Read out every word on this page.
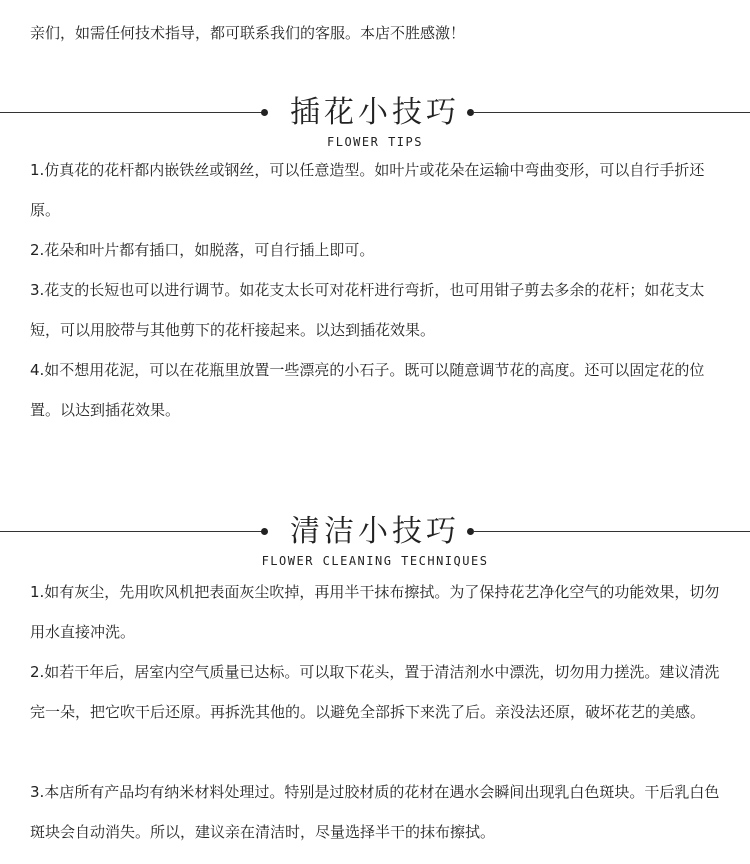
亲们，如需任何技术指导，都可联系我们的客服。本店不胜感激！

插花小技巧
FLOWER TIPS

1.仿真花的花杆都内嵌铁丝或钢丝，可以任意造型。如叶片或花朵在运输中弯曲变形，可以自行手折还原。

2.花朵和叶片都有插口，如脱落，可自行插上即可。

3.花支的长短也可以进行调节。如花支太长可对花杆进行弯折，也可用钳子剪去多余的花杆；如花支太短，可以用胶带与其他剪下的花杆接起来。以达到插花效果。

4.如不想用花泥，可以在花瓶里放置一些漂亮的小石子。既可以随意调节花的高度。还可以固定花的位置。以达到插花效果。

清洁小技巧
FLOWER CLEANING TECHNIQUES

1.如有灰尘，先用吹风机把表面灰尘吹掉，再用半干抹布擦拭。为了保持花艺净化空气的功能效果，切勿用水直接冲洗。

2.如若干年后，居室内空气质量已达标。可以取下花头，置于清洁剂水中漂洗，切勿用力搓洗。建议清洗完一朵，把它吹干后还原。再拆洗其他的。以避免全部拆下来洗了后。亲没法还原，破坏花艺的美感。

3.本店所有产品均有纳米材料处理过。特别是过胶材质的花材在遇水会瞬间出现乳白色斑块。干后乳白色斑块会自动消失。所以，建议亲在清洁时，尽量选择半干的抹布擦拭。
